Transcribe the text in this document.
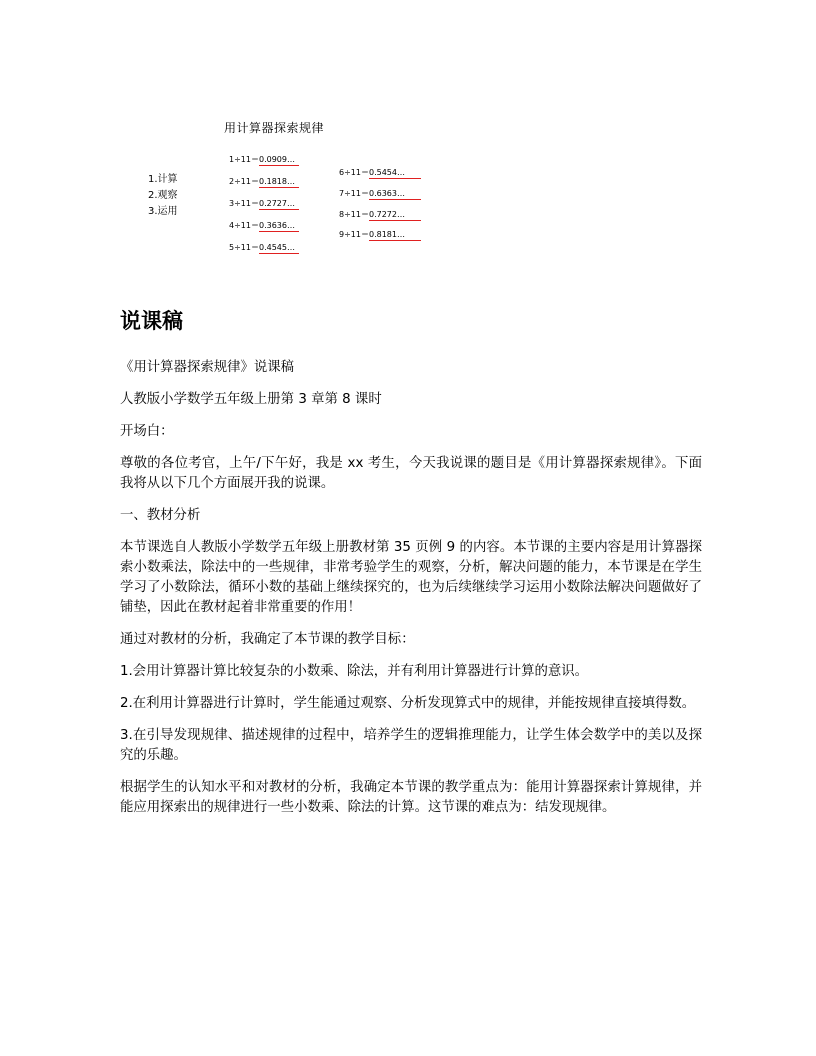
用计算器探索规律
1.计算
2.观察
3.运用
1÷11＝0.0909…
2÷11＝0.1818…
3÷11＝0.2727…
4÷11＝0.3636…
5÷11＝0.4545…
6÷11＝0.5454…
7÷11＝0.6363…
8÷11＝0.7272…
9÷11＝0.8181…
说课稿

《用计算器探索规律》说课稿

人教版小学数学五年级上册第 3 章第 8 课时

开场白：

尊敬的各位考官，上午/下午好，我是 xx 考生，今天我说课的题目是《用计算器探索规律》。下面我将从以下几个方面展开我的说课。

一、教材分析

本节课选自人教版小学数学五年级上册教材第 35 页例 9 的内容。本节课的主要内容是用计算器探索小数乘法，除法中的一些规律，非常考验学生的观察，分析，解决问题的能力，本节课是在学生学习了小数除法，循环小数的基础上继续探究的，也为后续继续学习运用小数除法解决问题做好了铺垫，因此在教材起着非常重要的作用！

通过对教材的分析，我确定了本节课的教学目标：

1.会用计算器计算比较复杂的小数乘、除法，并有利用计算器进行计算的意识。

2.在利用计算器进行计算时，学生能通过观察、分析发现算式中的规律，并能按规律直接填得数。

3.在引导发现规律、描述规律的过程中，培养学生的逻辑推理能力，让学生体会数学中的美以及探究的乐趣。

根据学生的认知水平和对教材的分析，我确定本节课的教学重点为：能用计算器探索计算规律，并能应用探索出的规律进行一些小数乘、除法的计算。这节课的难点为：结发现规律。
